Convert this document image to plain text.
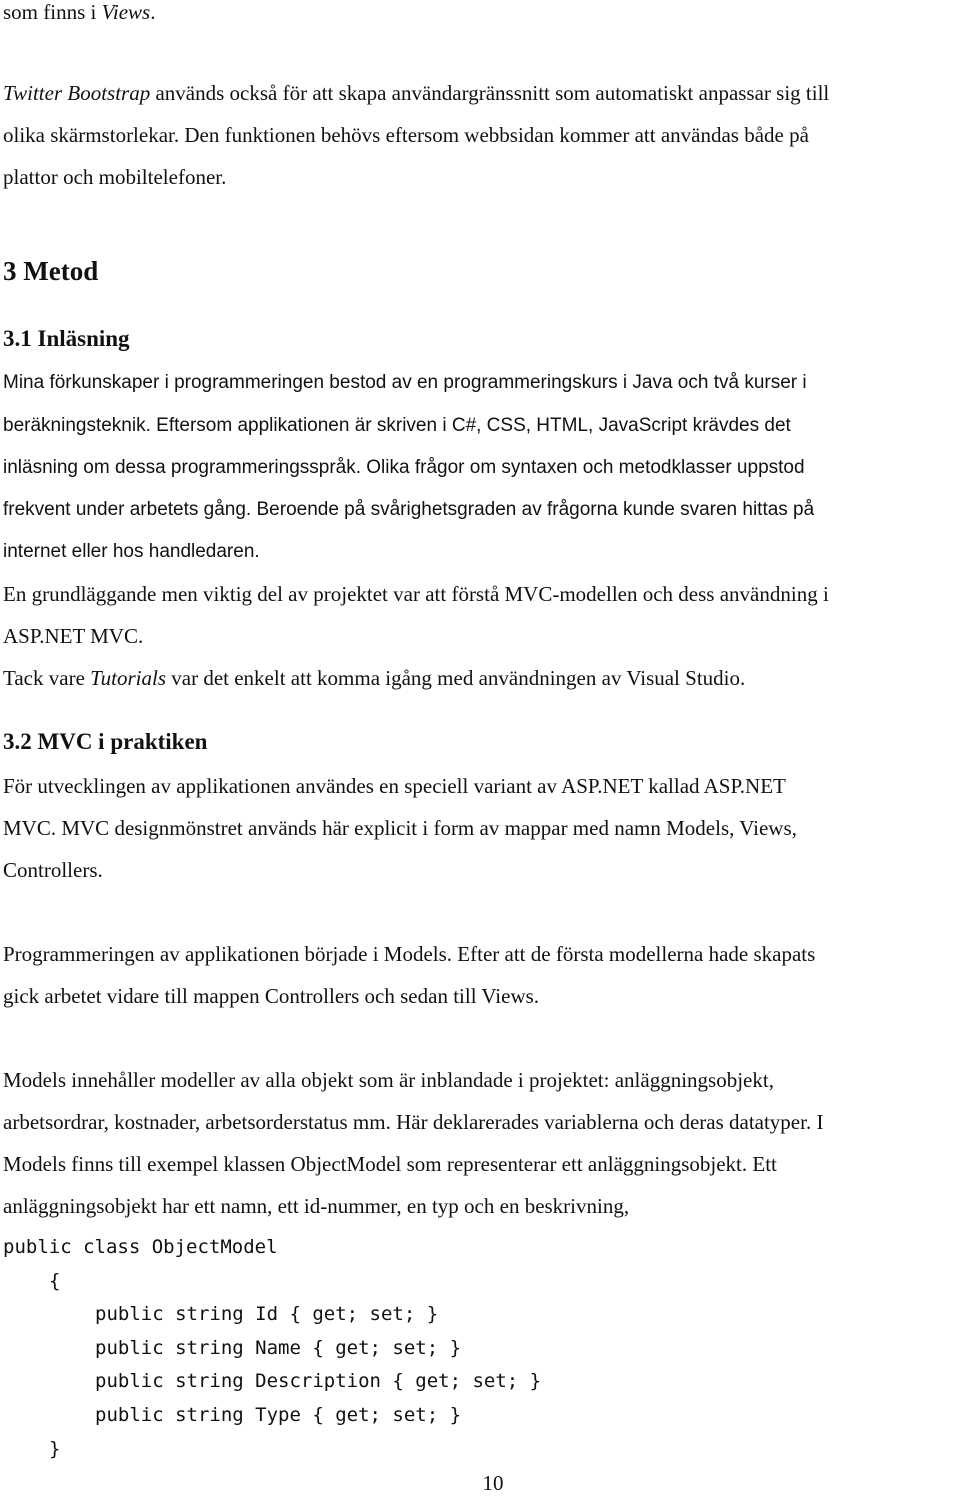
som finns i Views.

Twitter Bootstrap används också för att skapa användargränssnitt som automatiskt anpassar sig till

olika skärmstorlekar. Den funktionen behövs eftersom webbsidan kommer att användas både på

plattor och mobiltelefoner.

3 Metod
3.1 Inläsning

Mina förkunskaper i programmeringen bestod av en programmeringskurs i Java och två kurser i

beräkningsteknik. Eftersom applikationen är skriven i C#, CSS, HTML, JavaScript krävdes det

inläsning om dessa programmeringsspråk. Olika frågor om syntaxen och metodklasser uppstod

frekvent under arbetets gång. Beroende på svårighetsgraden av frågorna kunde svaren hittas på

internet eller hos handledaren.

En grundläggande men viktig del av projektet var att förstå MVC-modellen och dess användning i

ASP.NET MVC.

Tack vare Tutorials var det enkelt att komma igång med användningen av Visual Studio.

3.2 MVC i praktiken

För utvecklingen av applikationen användes en speciell variant av ASP.NET kallad ASP.NET

MVC. MVC designmönstret används här explicit i form av mappar med namn Models, Views,

Controllers.

Programmeringen av applikationen började i Models. Efter att de första modellerna hade skapats

gick arbetet vidare till mappen Controllers och sedan till Views.

Models innehåller modeller av alla objekt som är inblandade i projektet: anläggningsobjekt,

arbetsordrar, kostnader, arbetsorderstatus mm. Här deklarerades variablerna och deras datatyper. I

Models finns till exempel klassen ObjectModel som representerar ett anläggningsobjekt. Ett

anläggningsobjekt har ett namn, ett id-nummer, en typ och en beskrivning,

public class ObjectModel
{
public string Id { get; set; }
public string Name { get; set; }
public string Description { get; set; }
public string Type { get; set; }
}
10
